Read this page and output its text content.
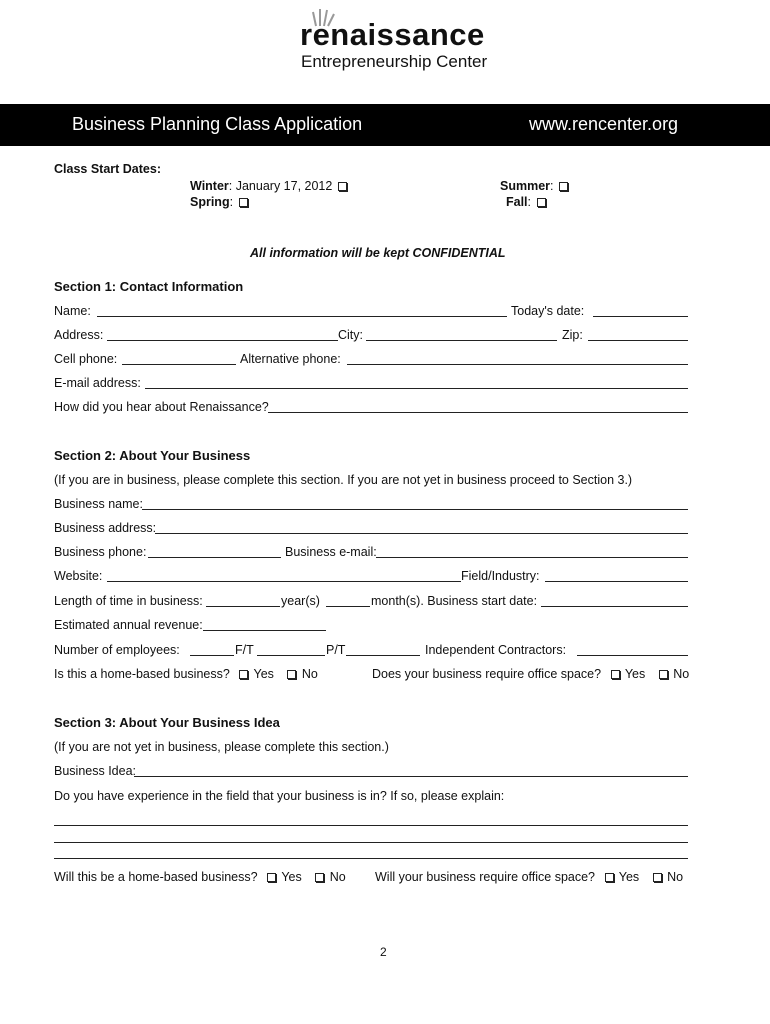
renaissance
Entrepreneurship Center
Business Planning Class Application	www.rencenter.org
Class Start Dates:
Winter: January 17, 2012
Spring:
Summer:
Fall:
All information will be kept CONFIDENTIAL
Section 1: Contact Information
Name:	Today's date:
Address:	City:	Zip:
Cell phone:	Alternative phone:
E-mail address:
How did you hear about Renaissance?
Section 2: About Your Business
(If you are in business, please complete this section. If you are not yet in business proceed to Section 3.)
Business name:
Business address:
Business phone:	Business e-mail:
Website:	Field/Industry:
Length of time in business:	year(s)	month(s). Business start date:
Estimated annual revenue:
Number of employees:	F/T	P/T	Independent Contractors:
Is this a home-based business? Yes No	Does your business require office space? Yes No
Section 3: About Your Business Idea
(If you are not yet in business, please complete this section.)
Business Idea:
Do you have experience in the field that your business is in? If so, please explain:
Will this be a home-based business? Yes No Will your business require office space? Yes No
2
